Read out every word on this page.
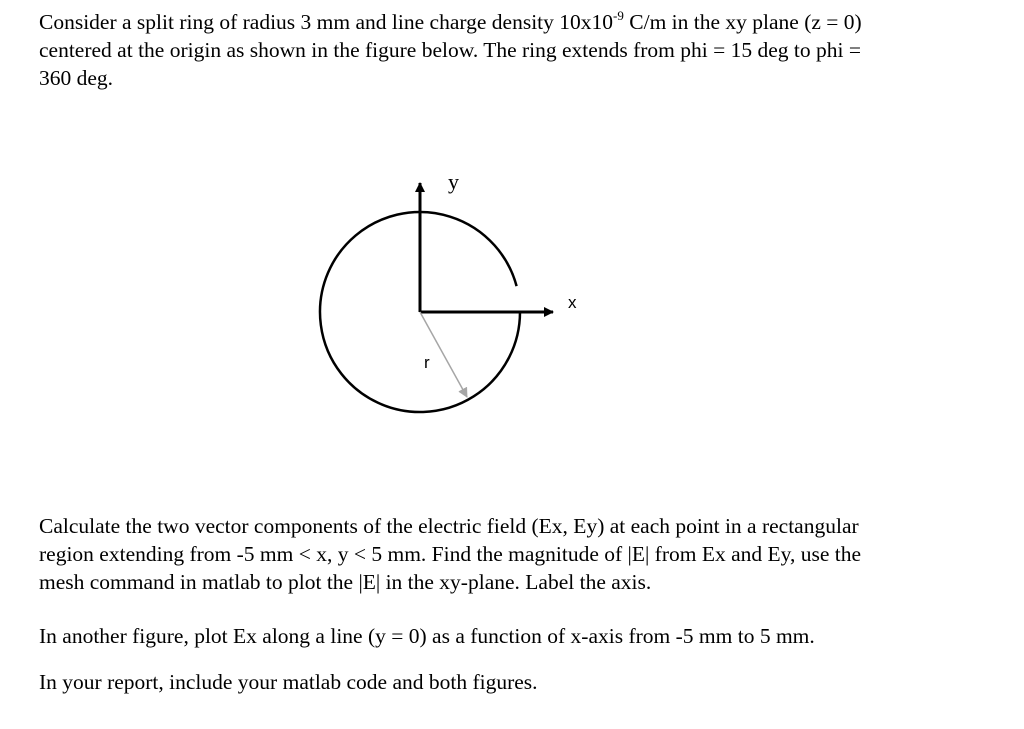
Consider a split ring of radius 3 mm and line charge density $10x10^{-9}$ C/m in the xy plane (z = 0)
centered at the origin as shown in the figure below. The ring extends from phi = 15 deg to phi =
360 deg.

y
x
r

Calculate the two vector components of the electric field (Ex, Ey) at each point in a rectangular
region extending from -5 mm < x, y < 5 mm. Find the magnitude of |E| from Ex and Ey, use the
mesh command in matlab to plot the |E| in the xy-plane. Label the axis.

In another figure, plot Ex along a line (y = 0) as a function of x-axis from -5 mm to 5 mm.

In your report, include your matlab code and both figures.
